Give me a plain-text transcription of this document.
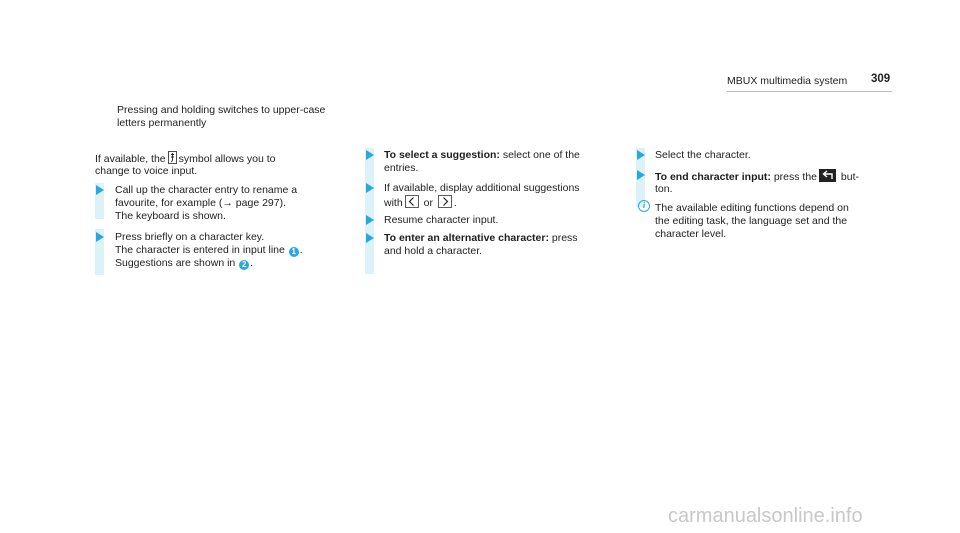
MBUX multimedia system 309
Pressing and holding switches to upper-case
letters permanently
If available, the symbol allows you to
change to voice input.
Call up the character entry to rename a
favourite, for example (→ page 297).
The keyboard is shown.
Press briefly on a character key.
The character is entered in input line 1 .
Suggestions are shown in 2 .
To select a suggestion: select one of the
entries.
If available, display additional suggestions
with or .
Resume character input.
To enter an alternative character: press
and hold a character.
Select the character.
To end character input: press the but-
ton.
i The available editing functions depend on
the editing task, the language set and the
character level.
carmanualsonline.info
